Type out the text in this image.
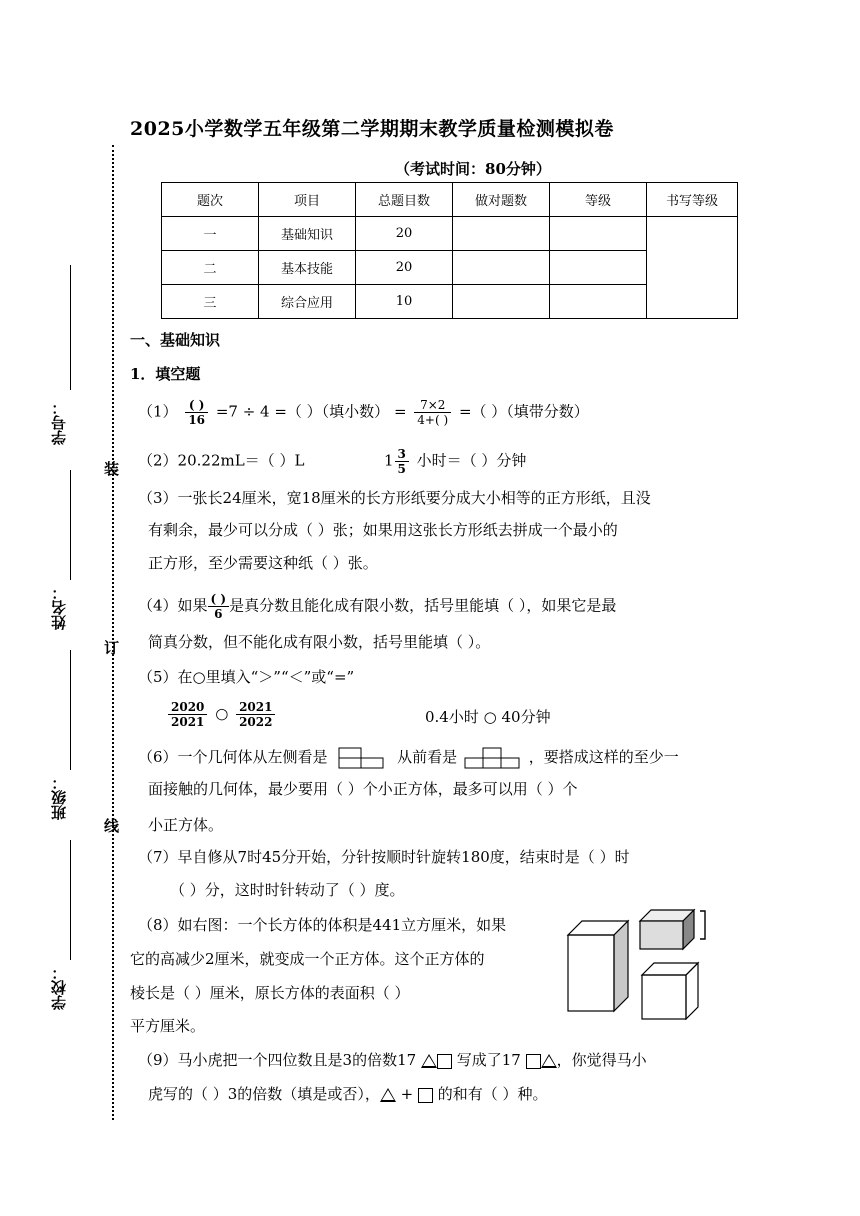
2025小学数学五年级第二学期期末教学质量检测模拟卷
（考试时间：80分钟）
装
订
线
学号：
姓名：
班级：
学校：
题次	项目	总题目数	做对题数	等级	书写等级
一	基础知识	20			
二	基本技能	20			
三	综合应用	10			
一、基础知识
1．填空题
$(1) \frac{( )}{16} =7 \div 4$ =（ ）（填小数） = $\frac{7\times 2}{4+( )}$ =（ ）（填带分数）
（2）20.22mL＝（ ）L	$1 \frac{3}{5}$ 小时＝（ ）分钟
（3）一张长24厘米，宽18厘米的长方形纸要分成大小相等的正方形纸，且没
有剩余，最少可以分成（ ）张；如果用这张长方形纸去拼成一个最小的
正方形，至少需要这种纸（ ）张。
（4）如果 $\frac{( )}{6}$ 是真分数且能化成有限小数，括号里能填（ ），如果它是最
简真分数，但不能化成有限小数，括号里能填（ ）。
（5）在○里填入“＞”“＜”或“=”
$\frac{2020}{2021}$ ○ $\frac{2021}{2022}$	0.4小时 ○ 40分钟
（6）一个几何体从左侧看是	从前看是	，要搭成这样的至少一
面接触的几何体，最少要用（ ）个小正方体，最多可以用（ ）个
小正方体。
（7）早自修从7时45分开始，分针按顺时针旋转180度，结束时是（ ）时
（ ）分，这时时针转动了（ ）度。
（8）如右图：一个长方体的体积是441立方厘米，如果
它的高减少2厘米，就变成一个正方体。这个正方体的
棱长是（ ）厘米，原长方体的表面积（ ）
平方厘米。
（9）马小虎把一个四位数且是3的倍数17	写成了17 ，你觉得马小
虎写的（ ）3的倍数（填是或否）， + 的和有（ ）种。
